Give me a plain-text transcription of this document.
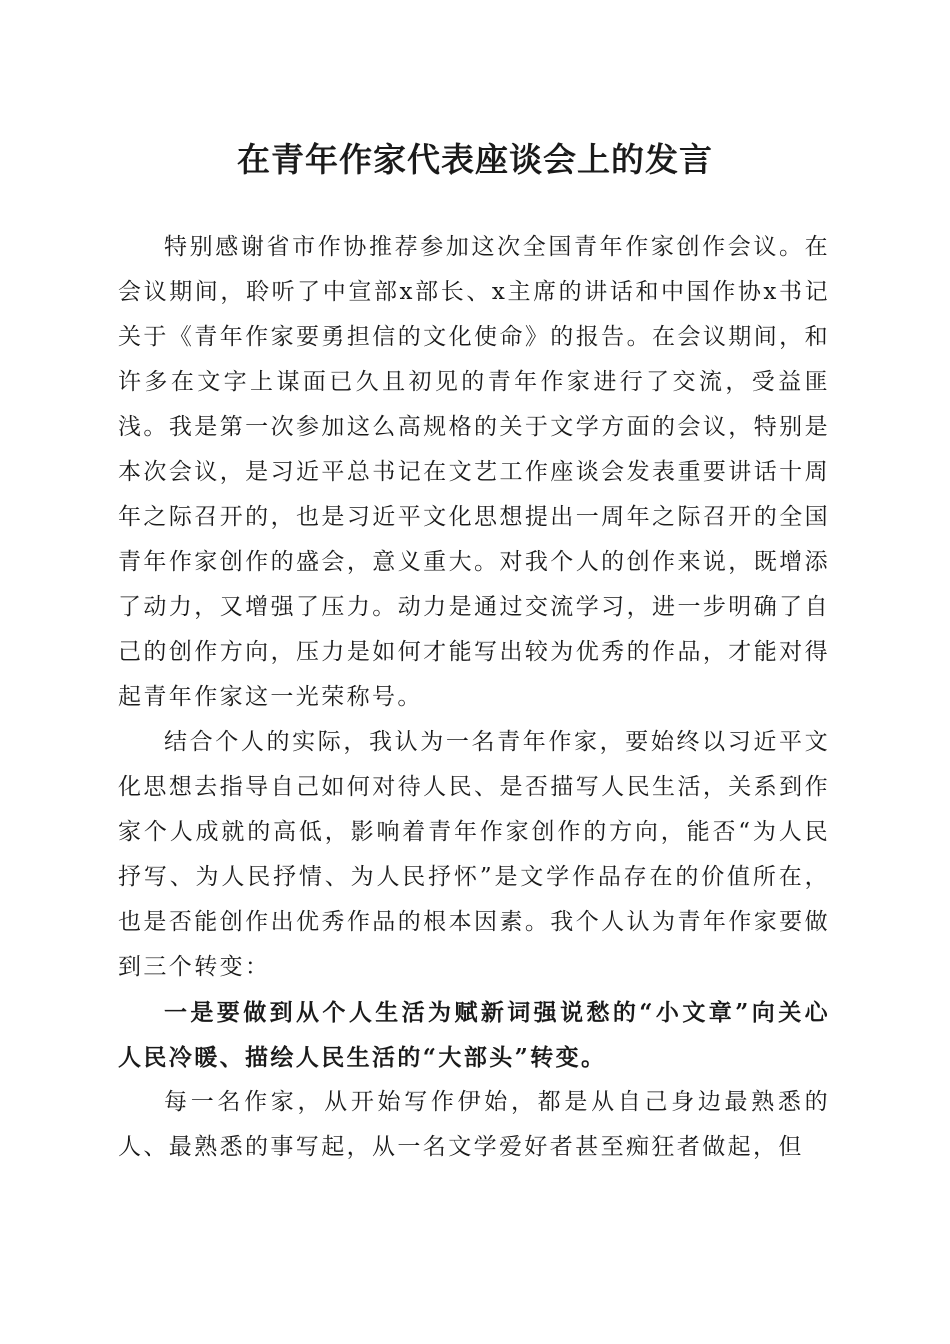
在青年作家代表座谈会上的发言

特别感谢省市作协推荐参加这次全国青年作家创作会议。在会议期间，聆听了中宣部x部长、x主席的讲话和中国作协x书记关于《青年作家要勇担信的文化使命》的报告。在会议期间，和许多在文字上谋面已久且初见的青年作家进行了交流，受益匪浅。我是第一次参加这么高规格的关于文学方面的会议，特别是本次会议，是习近平总书记在文艺工作座谈会发表重要讲话十周年之际召开的，也是习近平文化思想提出一周年之际召开的全国青年作家创作的盛会，意义重大。对我个人的创作来说，既增添了动力，又增强了压力。动力是通过交流学习，进一步明确了自己的创作方向，压力是如何才能写出较为优秀的作品，才能对得起青年作家这一光荣称号。

结合个人的实际，我认为一名青年作家，要始终以习近平文化思想去指导自己如何对待人民、是否描写人民生活，关系到作家个人成就的高低，影响着青年作家创作的方向，能否“为人民抒写、为人民抒情、为人民抒怀”是文学作品存在的价值所在，也是否能创作出优秀作品的根本因素。我个人认为青年作家要做到三个转变：

一是要做到从个人生活为赋新词强说愁的“小文章”向关心人民冷暖、描绘人民生活的“大部头”转变。

每一名作家，从开始写作伊始，都是从自己身边最熟悉的人、最熟悉的事写起，从一名文学爱好者甚至痴狂者做起，但
